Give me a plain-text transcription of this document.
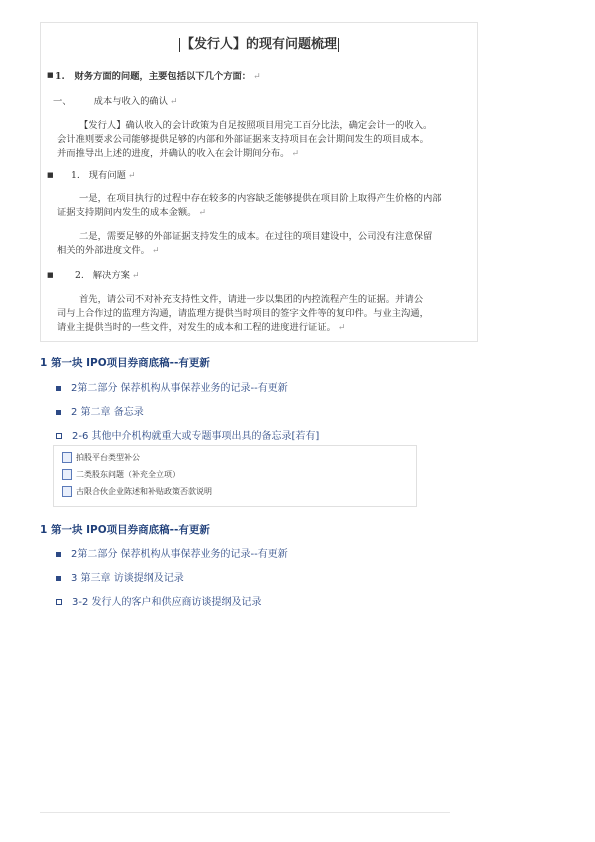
【发行人】的现有问题梳理
■ 1. 财务方面的问题，主要包括以下几个方面： ↵
一、 成本与收入的确认 ↵
【发行人】确认收入的会计政策为自足按照项目用完工百分比法，确定会计一的收入。
会计准则要求公司能够提供足够的内部和外部证据来支持项目在会计期间发生的项目成本。
并而推导出上述的进度，并确认的收入在会计期间分布。 ↵
■ 1. 现有问题 ↵
一是，在项目执行的过程中存在较多的内容缺乏能够提供在项目阶上取得产生价格的内部
证据支持期间内发生的成本金额。 ↵
二是，需要足够的外部证据支持发生的成本。在过往的项目建设中，公司没有注意保留
相关的外部进度文件。 ↵
■ 2. 解决方案 ↵
首先，请公司不对补充支持性文件，请进一步以集团的内控流程产生的证据。并请公
司与上合作过的监理方沟通，请监理方提供当时项目的签字文件等的复印件。与业主沟通，
请业主提供当时的一些文件，对发生的成本和工程的进度进行证证。 ↵
1 第一块 IPO项目券商底稿--有更新
2第二部分 保荐机构从事保荐业务的记录--有更新
2 第二章 备忘录
2-6 其他中介机构就重大或专题事项出具的备忘录[若有]
拍股平台类型补公
二类股东问题（补充全立项）
古限合伙企业陈述和补贴政策否款说明
1 第一块 IPO项目券商底稿--有更新
2第二部分 保荐机构从事保荐业务的记录--有更新
3 第三章 访谈提纲及记录
3-2 发行人的客户和供应商访谈提纲及记录
